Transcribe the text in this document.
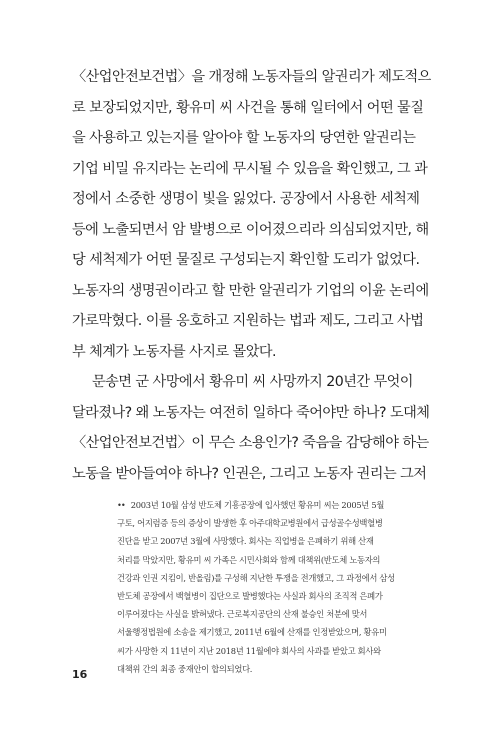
〈산업안전보건법〉을 개정해 노동자들의 알권리가 제도적으
로 보장되었지만, 황유미 씨 사건을 통해 일터에서 어떤 물질
을 사용하고 있는지를 알아야 할 노동자의 당연한 알권리는
기업 비밀 유지라는 논리에 무시될 수 있음을 확인했고, 그 과
정에서 소중한 생명이 빛을 잃었다. 공장에서 사용한 세척제
등에 노출되면서 암 발병으로 이어졌으리라 의심되었지만, 해
당 세척제가 어떤 물질로 구성되는지 확인할 도리가 없었다.
노동자의 생명권이라고 할 만한 알권리가 기업의 이윤 논리에
가로막혔다. 이를 옹호하고 지원하는 법과 제도, 그리고 사법
부 체계가 노동자를 사지로 몰았다.
문송면 군 사망에서 황유미 씨 사망까지 20년간 무엇이
달라졌나? 왜 노동자는 여전히 일하다 죽어야만 하나? 도대체
〈산업안전보건법〉이 무슨 소용인가? 죽음을 감당해야 하는
노동을 받아들여야 하나? 인권은, 그리고 노동자 권리는 그저
•• 2003년 10월 삼성 반도체 기흥공장에 입사했던 황유미 씨는 2005년 5월
구토, 어지럼증 등의 증상이 발생한 후 아주대학교병원에서 급성골수성백혈병
진단을 받고 2007년 3월에 사망했다. 회사는 직업병을 은폐하기 위해 산재
처리를 막았지만, 황유미 씨 가족은 시민사회와 함께 대책위(반도체 노동자의
건강과 인권 지킴이, 반올림)를 구성해 지난한 투쟁을 전개했고, 그 과정에서 삼성
반도체 공장에서 백혈병이 집단으로 발병했다는 사실과 회사의 조직적 은폐가
이루어졌다는 사실을 밝혀냈다. 근로복지공단의 산재 불승인 처분에 맞서
서울행정법원에 소송을 제기했고, 2011년 6월에 산재를 인정받았으며, 황유미
씨가 사망한 지 11년이 지난 2018년 11월에야 회사의 사과를 받았고 회사와
대책위 간의 최종 중재안이 합의되었다.
16
